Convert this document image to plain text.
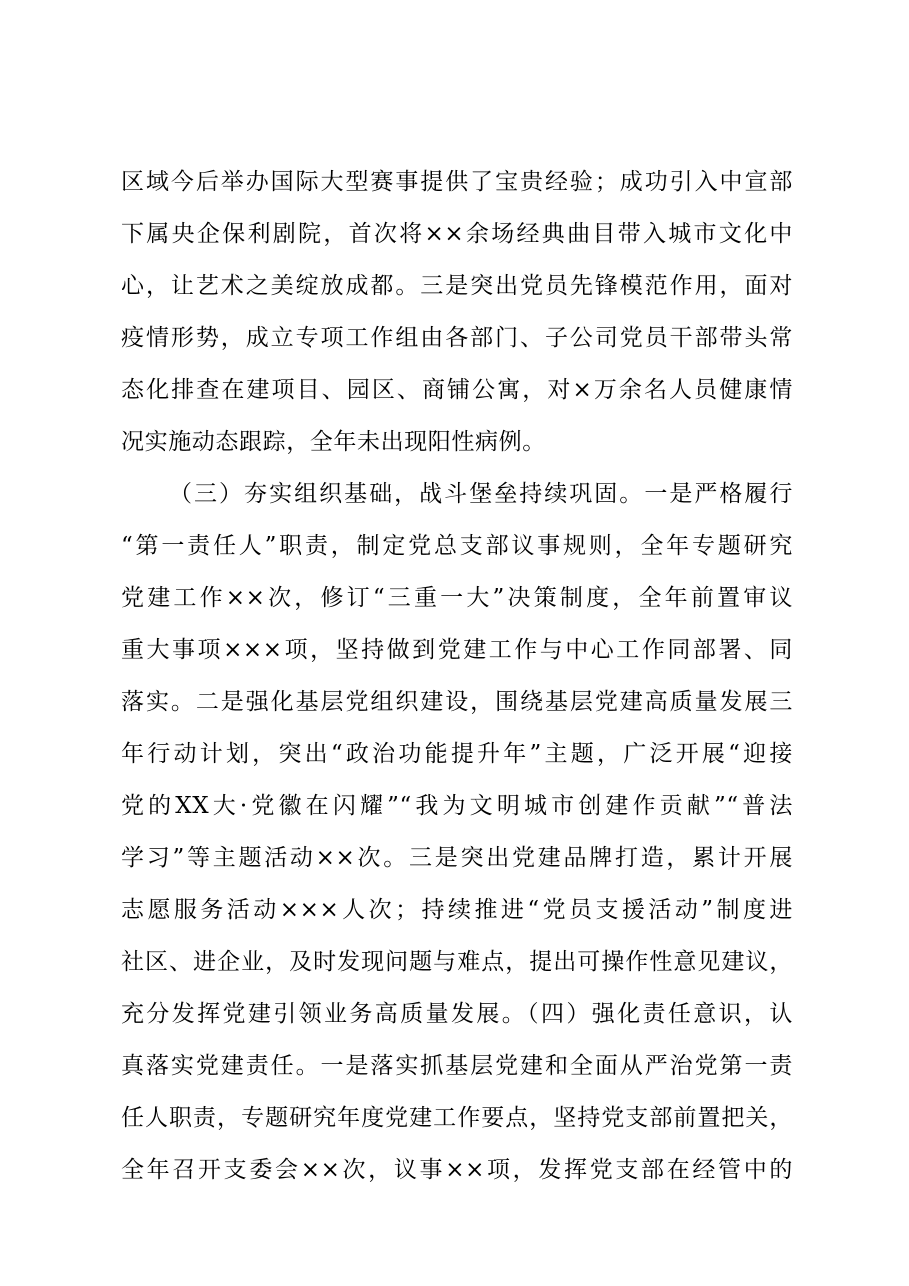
区域今后举办国际大型赛事提供了宝贵经验；成功引入中宣部
下属央企保利剧院，首次将××余场经典曲目带入城市文化中
心，让艺术之美绽放成都。三是突出党员先锋模范作用，面对
疫情形势，成立专项工作组由各部门、子公司党员干部带头常
态化排查在建项目、园区、商铺公寓，对×万余名人员健康情
况实施动态跟踪，全年未出现阳性病例。
（三）夯实组织基础，战斗堡垒持续巩固。一是严格履行
“第一责任人”职责，制定党总支部议事规则，全年专题研究
党建工作××次，修订“三重一大”决策制度，全年前置审议
重大事项×××项，坚持做到党建工作与中心工作同部署、同
落实。二是强化基层党组织建设，围绕基层党建高质量发展三
年行动计划，突出“政治功能提升年”主题，广泛开展“迎接
党的XX大·党徽在闪耀”“我为文明城市创建作贡献”“普法
学习”等主题活动××次。三是突出党建品牌打造，累计开展
志愿服务活动×××人次；持续推进“党员支援活动”制度进
社区、进企业，及时发现问题与难点，提出可操作性意见建议，
充分发挥党建引领业务高质量发展。（四）强化责任意识，认
真落实党建责任。一是落实抓基层党建和全面从严治党第一责
任人职责，专题研究年度党建工作要点，坚持党支部前置把关，
全年召开支委会××次，议事××项，发挥党支部在经管中的
